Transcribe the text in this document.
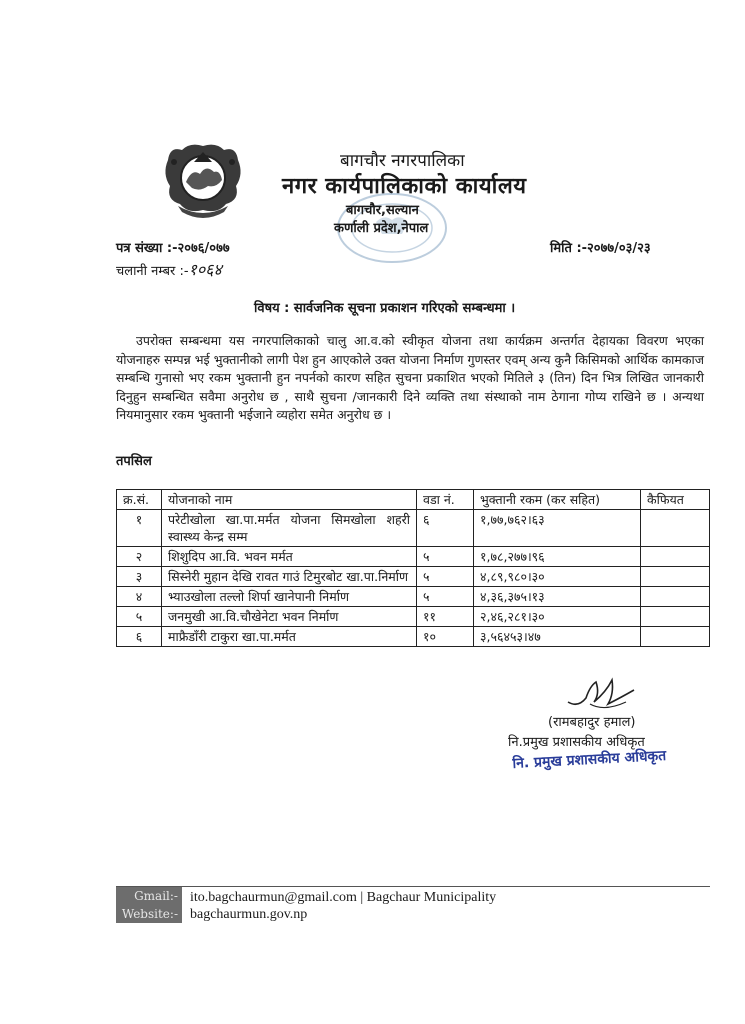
बागचौर नगरपालिका
नगर कार्यपालिकाको कार्यालय
बागचौर,सल्यान
कर्णाली प्रदेश,नेपाल
पत्र संख्या :-२०७६/०७७
चलानी नम्बर :-१०६४
मिति :-२०७७/०३/२३
विषय : सार्वजनिक सूचना प्रकाशन गरिएको सम्बन्धमा ।
उपरोक्त सम्बन्धमा यस नगरपालिकाको चालु आ.व.को स्वीकृत योजना तथा कार्यक्रम अन्तर्गत देहायका विवरण भएका योजनाहरु सम्पन्न भई भुक्तानीको लागी पेश हुन आएकोले उक्त योजना निर्माण गुणस्तर एवम् अन्य कुनै किसिमको आर्थिक कामकाज सम्बन्धि गुनासो भए रकम भुक्तानी हुन नपर्नको कारण सहित सुचना प्रकाशित भएको मितिले ३ (तिन) दिन भित्र लिखित जानकारी दिनुहुन सम्बन्धित सवैमा अनुरोध छ , साथै सुचना /जानकारी दिने व्यक्ति तथा संस्थाको नाम ठेगाना गोप्य राखिने छ । अन्यथा नियमानुसार रकम भुक्तानी भईजाने व्यहोरा समेत अनुरोध छ ।
तपसिल
क्र.सं.	योजनाको नाम	वडा नं.	भुक्तानी रकम (कर सहित)	कैफियत
१	परेटीखोला खा.पा.मर्मत योजना सिमखोला शहरी स्वास्थ्य केन्द्र सम्म	६	१,७७,७६२।६३	
२	शिशुदिप आ.वि. भवन मर्मत	५	१,७८,२७७।९६	
३	सिस्नेरी मुहान देखि रावत गाउं टिमुरबोट खा.पा.निर्माण	५	४,८९,९८०।३०	
४	भ्याउखोला तल्लो शिर्पा खानेपानी निर्माण	५	४,३६,३७५।१३	
५	जनमुखी आ.वि.चौखेनेटा भवन निर्माण	११	२,४६,२८१।३०	
६	माफ्रैडाँरी टाकुरा खा.पा.मर्मत	१०	३,५६४५३।४७	
(रामबहादुर हमाल)
नि.प्रमुख प्रशासकीय अधिकृत
नि. प्रमुख प्रशासकीय अधिकृत
Gmail:-
Website:-
ito.bagchaurmun@gmail.com | Bagchaur Municipality
bagchaurmun.gov.np
